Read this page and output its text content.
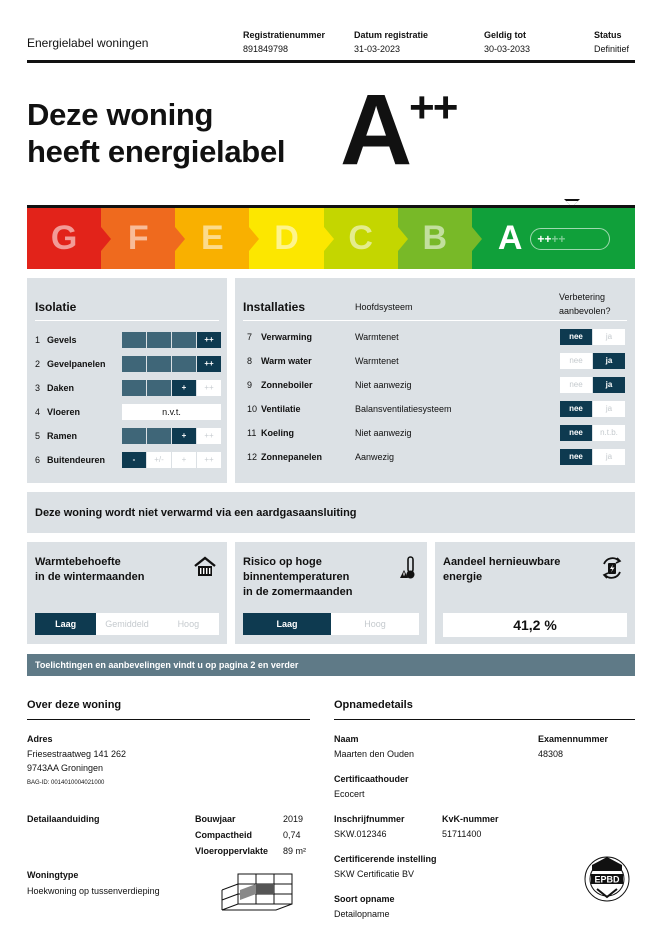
Energielabel woningen
Registratienummer
891849798
Datum registratie
31-03-2023
Geldig tot
30-03-2033
Status
Definitief
Deze woning
heeft energielabel A
++
G F E D C B A ++ ++
Isolatie
1 Gevels	++
2 Gevelpanelen	++
3 Daken	+	++
4 Vloeren	n.v.t.
5 Ramen	+	++
6 Buitendeuren	-	+/-	+	++
Installaties	Hoofdsysteem
Verbetering aanbevolen?
7 Verwarming	Warmtenet	nee	ja
8 Warm water	Warmtenet	nee	ja
9 Zonneboiler	Niet aanwezig	nee	ja
10 Ventilatie	Balansventilatiesysteem	nee	ja
11 Koeling	Niet aanwezig	nee	n.t.b.
12 Zonnepanelen	Aanwezig	nee	ja
Deze woning wordt niet verwarmd via een aardgasaansluiting
Warmtebehoefte
in de wintermaanden
Laag	Gemiddeld	Hoog
Risico op hoge
binnentemperaturen
in de zomermaanden
Laag	Hoog
Aandeel hernieuwbare
energie
41,2 %
Toelichtingen en aanbevelingen vindt u op pagina 2 en verder
Over deze woning
Adres
Friesestraatweg 141 262
9743AA Groningen
BAG-ID: 0014010004021000
Detailaanduiding	Bouwjaar	2019
Compactheid	0,74
Vloeroppervlakte 89 m²
Woningtype
Hoekwoning op tussenverdieping
Opnamedetails
Naam
Maarten den Ouden
Examennummer
48308
Certificaathouder
Ecocert
Inschrijfnummer
SKW.012346
KvK-nummer
51711400
Certificerende instelling
SKW Certificatie BV
Soort opname
Detailopname
EPBD
